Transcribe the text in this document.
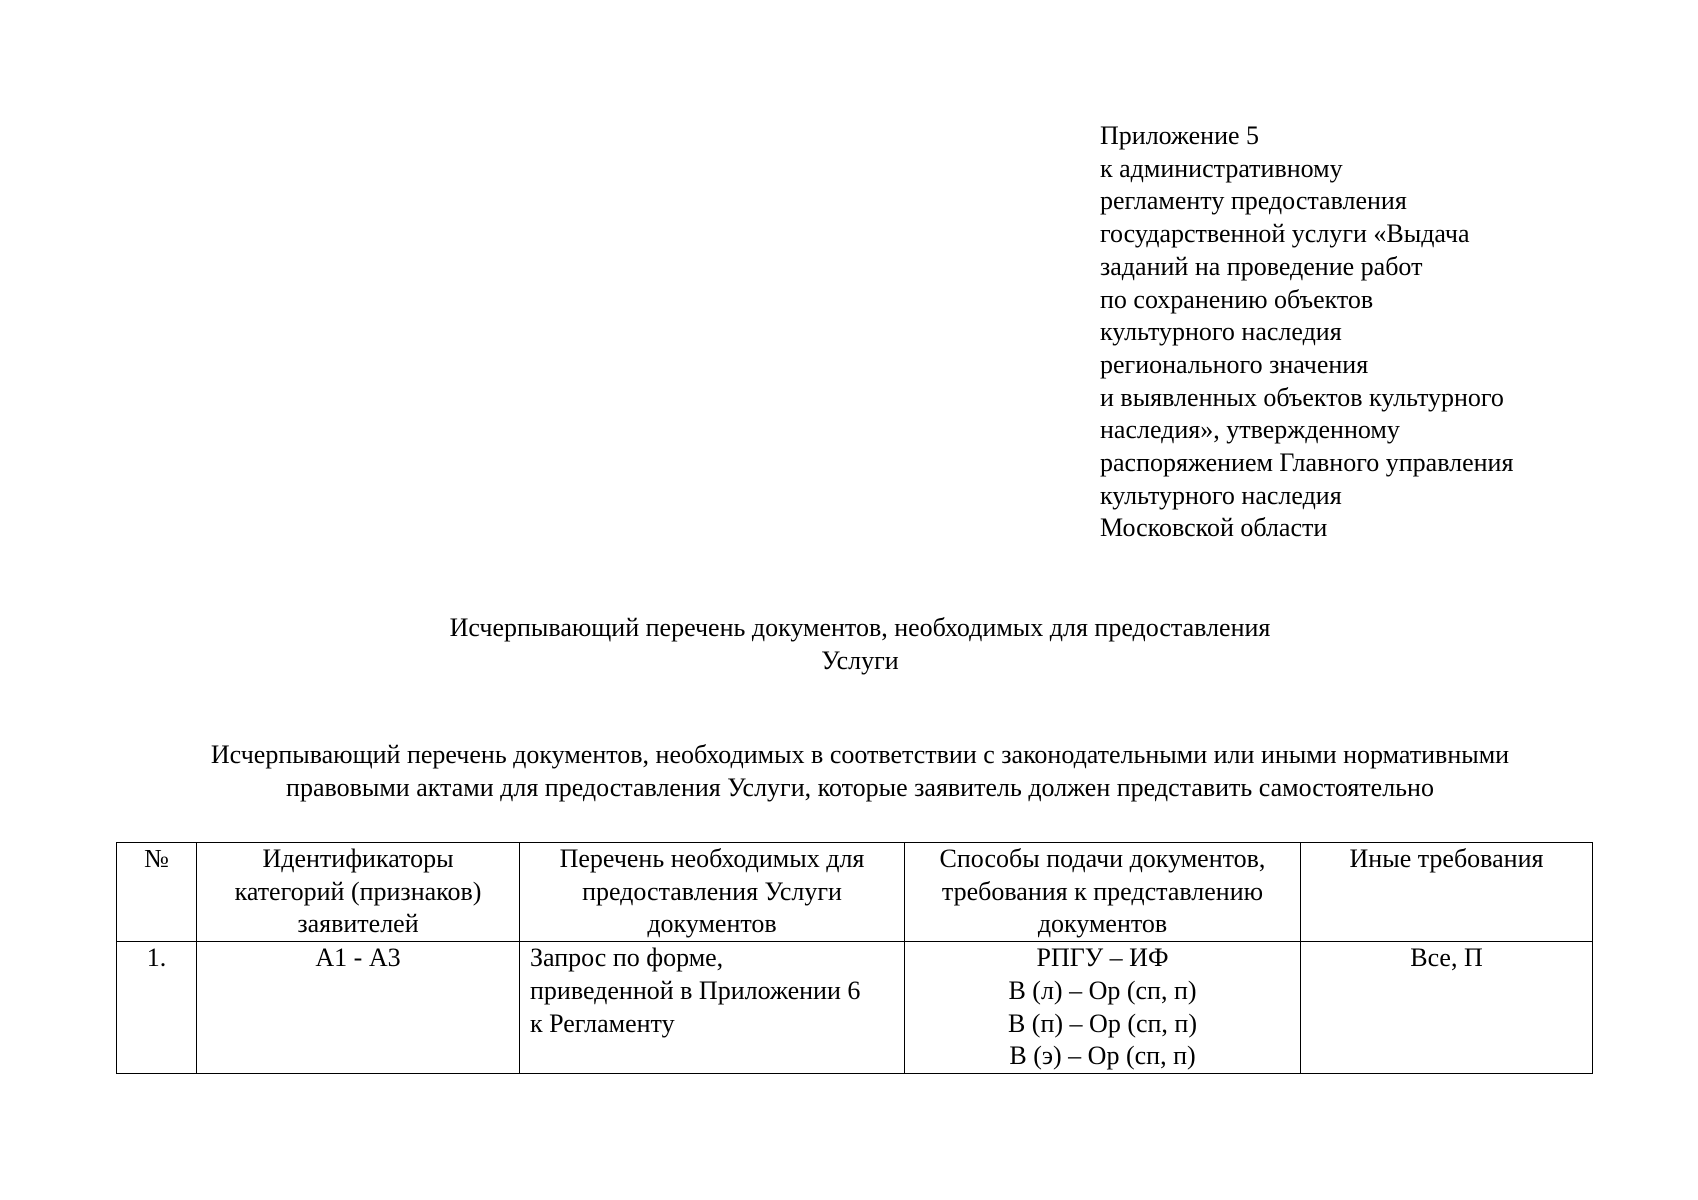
Приложение 5
к административному
регламенту предоставления
государственной услуги «Выдача
заданий на проведение работ
по сохранению объектов
культурного наследия
регионального значения
и выявленных объектов культурного
наследия», утвержденному
распоряжением Главного управления
культурного наследия
Московской области
Исчерпывающий перечень документов, необходимых для предоставления
Услуги
Исчерпывающий перечень документов, необходимых в соответствии с законодательными или иными нормативными
правовыми актами для предоставления Услуги, которые заявитель должен представить самостоятельно
№	Идентификаторы
категорий (признаков)
заявителей	Перечень необходимых для
предоставления Услуги
документов	Способы подачи документов,
требования к представлению
документов	Иные требования

1.	А1 - А3	Запрос по форме,
приведенной в Приложении 6
к Регламенту	РПГУ – ИФ
В (л) – Ор (сп, п)
В (п) – Ор (сп, п)
В (э) – Ор (сп, п)	Все, П
